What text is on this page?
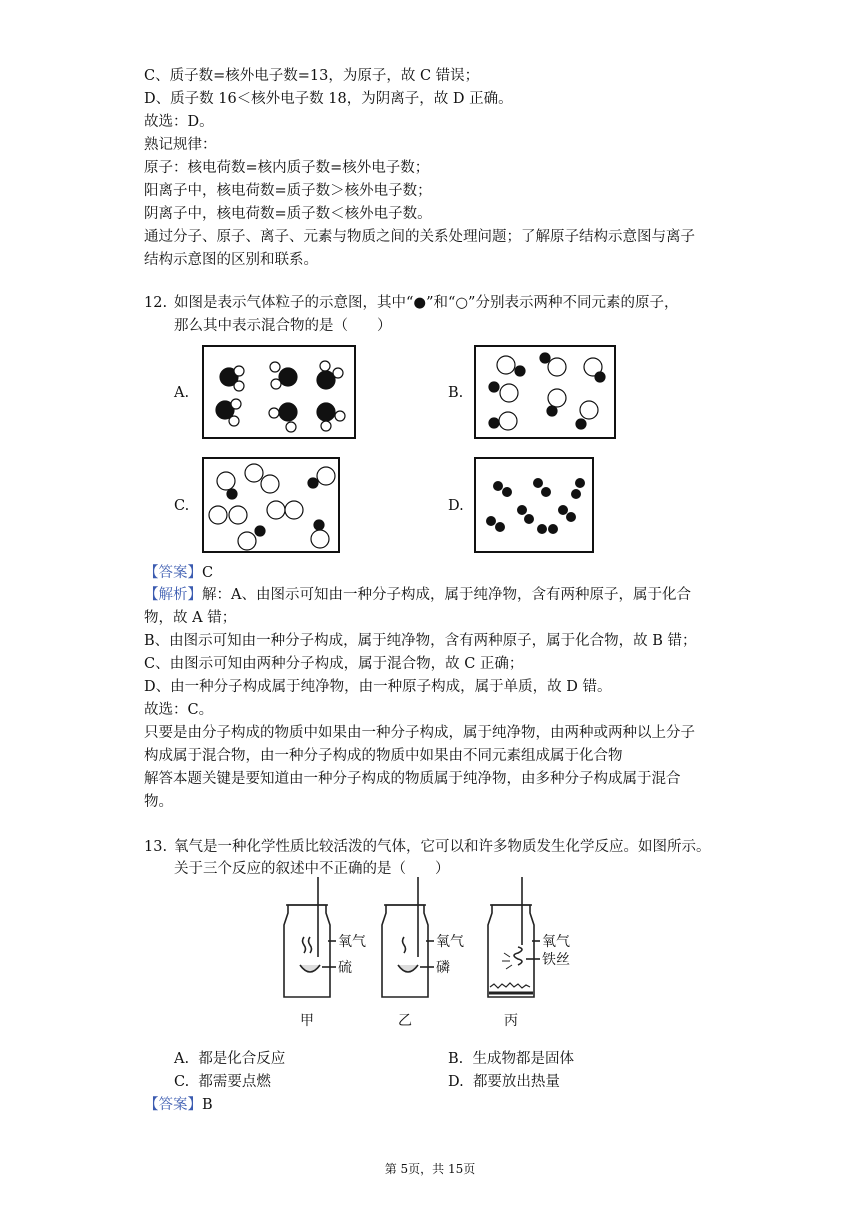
C、质子数=核外电子数=13，为原子，故 C 错误；
D、质子数 16＜核外电子数 18，为阴离子，故 D 正确。
故选：D。
熟记规律：
原子：核电荷数=核内质子数=核外电子数；
阳离子中，核电荷数=质子数＞核外电子数；
阴离子中，核电荷数=质子数＜核外电子数。
通过分子、原子、离子、元素与物质之间的关系处理问题；了解原子结构示意图与离子
结构示意图的区别和联系。
12. 如图是表示气体粒子的示意图，其中“●”和“○”分别表示两种不同元素的原子，
那么其中表示混合物的是（　　）
A.	B.
C.	D.
【答案】C
【解析】解：A、由图示可知由一种分子构成，属于纯净物，含有两种原子，属于化合
物，故 A 错；
B、由图示可知由一种分子构成，属于纯净物，含有两种原子，属于化合物，故 B 错；
C、由图示可知由两种分子构成，属于混合物，故 C 正确；
D、由一种分子构成属于纯净物，由一种原子构成，属于单质，故 D 错。
故选：C。
只要是由分子构成的物质中如果由一种分子构成，属于纯净物，由两种或两种以上分子
构成属于混合物，由一种分子构成的物质中如果由不同元素组成属于化合物
解答本题关键是要知道由一种分子构成的物质属于纯净物，由多种分子构成属于混合
物。
13. 氧气是一种化学性质比较活泼的气体，它可以和许多物质发生化学反应。如图所示。
关于三个反应的叙述中不正确的是（　　）
氧气
硫
氧气
磷
氧气
铁丝
甲	乙	丙
A. 都是化合反应	B. 生成物都是固体
C. 都需要点燃	D. 都要放出热量
【答案】B
第 5页，共 15页
